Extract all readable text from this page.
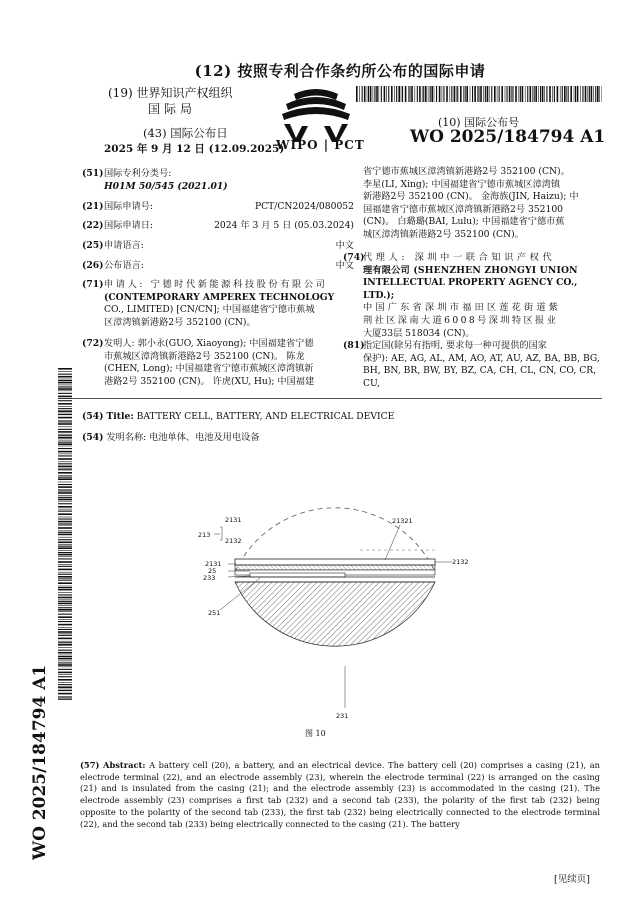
(12) 按照专利合作条约所公布的国际申请
(19) 世界知识产权组织
国际局
(43) 国际公布日
2025 年 9 月 12 日 (12.09.2025)
WIPO | PCT
(10) 国际公布号
WO 2025/184794 A1
(51) 国际专利分类号:
H01M 50/545 (2021.01)
(21) 国际申请号:	PCT/CN2024/080052
(22) 国际申请日:	2024 年 3 月 5 日 (05.03.2024)
(25) 申请语言:	中文
(26) 公布语言:	中文
(71) 申请人: 宁德时代新能源科技股份有限公司
(CONTEMPORARY AMPEREX TECHNOLOGY
CO., LIMITED) [CN/CN]; 中国福建省宁德市蕉城
区漳湾镇新港路2号 352100 (CN)。
(72) 发明人: 郭小永(GUO, Xiaoyong); 中国福建省宁德
市蕉城区漳湾镇新港路2号 352100 (CN)。 陈龙
(CHEN, Long); 中国福建省宁德市蕉城区漳湾镇新
港路2号 352100 (CN)。 许虎(XU, Hu); 中国福建
省宁德市蕉城区漳湾镇新港路2号 352100 (CN)。
李星(LI, Xing); 中国福建省宁德市蕉城区漳湾镇
新港路2号 352100 (CN)。 金海族(JIN, Haizu); 中
国福建省宁德市蕉城区漳湾镇新港路2号 352100
(CN)。 白璐璐(BAI, Lulu); 中国福建省宁德市蕉
城区漳湾镇新港路2号 352100 (CN)。
(74)
代理人: 深圳中一联合知识产权代
理有限公司 (SHENZHEN ZHONGYI UNION
INTELLECTUAL PROPERTY AGENCY CO., LTD.);
中国广东省深圳市福田区莲花街道紫
荆社区深南大道6008号深圳特区报业
大厦33层 518034 (CN)。
(81)
指定国(除另有指明, 要求每一种可提供的国家
保护): AE, AG, AL, AM, AO, AT, AU, AZ, BA, BB, BG,
BH, BN, BR, BW, BY, BZ, CA, CH, CL, CN, CO, CR, CU,
WO 2025/184794 A1
(54) Title: BATTERY CELL, BATTERY, AND ELECTRICAL DEVICE
(54) 发明名称: 电池单体、电池及用电设备
2131
213
2132
21321
2131
25
233
2132
251
231
图 10
(57) Abstract: A battery cell (20), a battery, and an electrical device. The battery cell (20) comprises a casing (21), an electrode terminal (22), and an electrode assembly (23), wherein the electrode terminal (22) is arranged on the casing (21) and is insulated from the casing (21); and the electrode assembly (23) is accommodated in the casing (21). The electrode assembly (23) comprises a first tab (232) and a second tab (233), the polarity of the first tab (232) being opposite to the polarity of the second tab (233), the first tab (232) being electrically connected to the electrode terminal (22), and the second tab (233) being electrically connected to the casing (21). The battery
[见续页]
